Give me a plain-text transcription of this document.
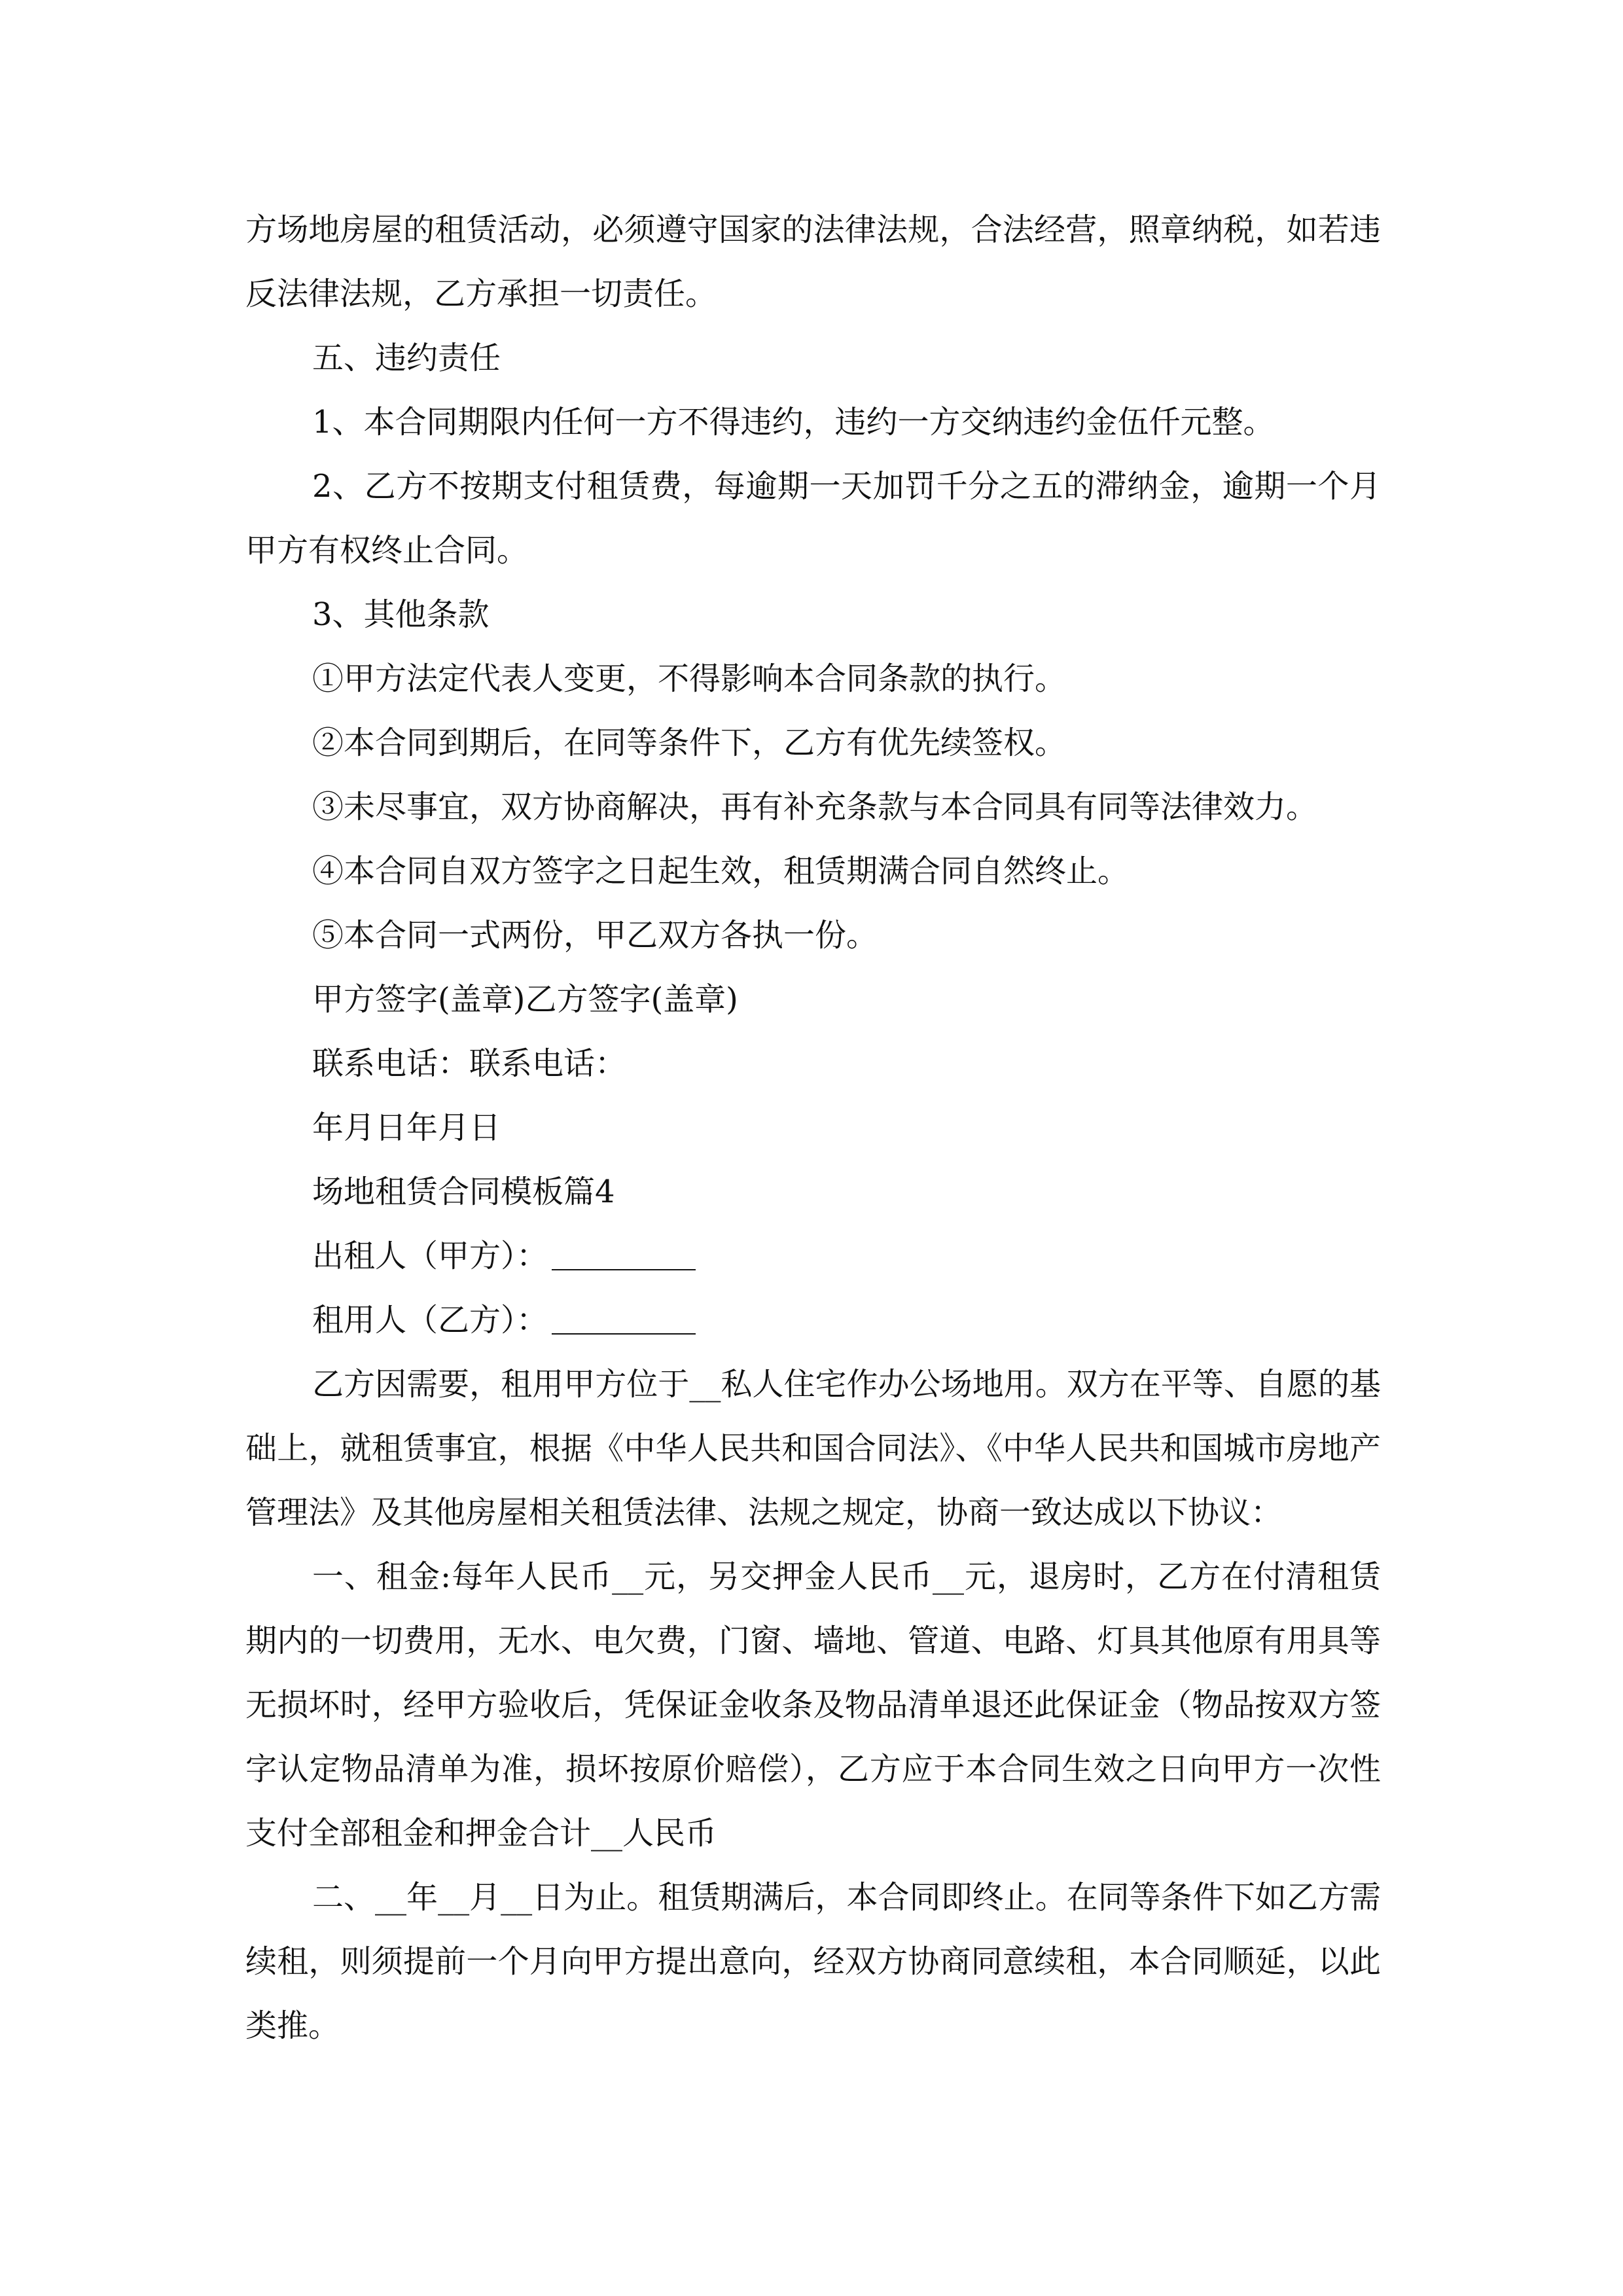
方场地房屋的租赁活动，必须遵守国家的法律法规，合法经营，照章纳税，如若违反法律法规，乙方承担一切责任。

五、违约责任

1、本合同期限内任何一方不得违约，违约一方交纳违约金伍仟元整。

2、乙方不按期支付租赁费，每逾期一天加罚千分之五的滞纳金，逾期一个月甲方有权终止合同。

3、其他条款

①甲方法定代表人变更，不得影响本合同条款的执行。

②本合同到期后，在同等条件下，乙方有优先续签权。

③未尽事宜，双方协商解决，再有补充条款与本合同具有同等法律效力。

④本合同自双方签字之日起生效，租赁期满合同自然终止。

⑤本合同一式两份，甲乙双方各执一份。

甲方签字(盖章)乙方签字(盖章)

联系电话：联系电话：

年月日年月日

场地租赁合同模板篇4

出租人（甲方）：

租用人（乙方）：

乙方因需要，租用甲方位于__私人住宅作办公场地用。双方在平等、自愿的基础上，就租赁事宜，根据《中华人民共和国合同法》、《中华人民共和国城市房地产管理法》及其他房屋相关租赁法律、法规之规定，协商一致达成以下协议：

一、租金:每年人民币__元，另交押金人民币__元，退房时，乙方在付清租赁期内的一切费用，无水、电欠费，门窗、墙地、管道、电路、灯具其他原有用具等无损坏时，经甲方验收后，凭保证金收条及物品清单退还此保证金（物品按双方签字认定物品清单为准，损坏按原价赔偿），乙方应于本合同生效之日向甲方一次性支付全部租金和押金合计__人民币

二、__年__月__日为止。租赁期满后，本合同即终止。在同等条件下如乙方需续租，则须提前一个月向甲方提出意向，经双方协商同意续租，本合同顺延，以此类推。
